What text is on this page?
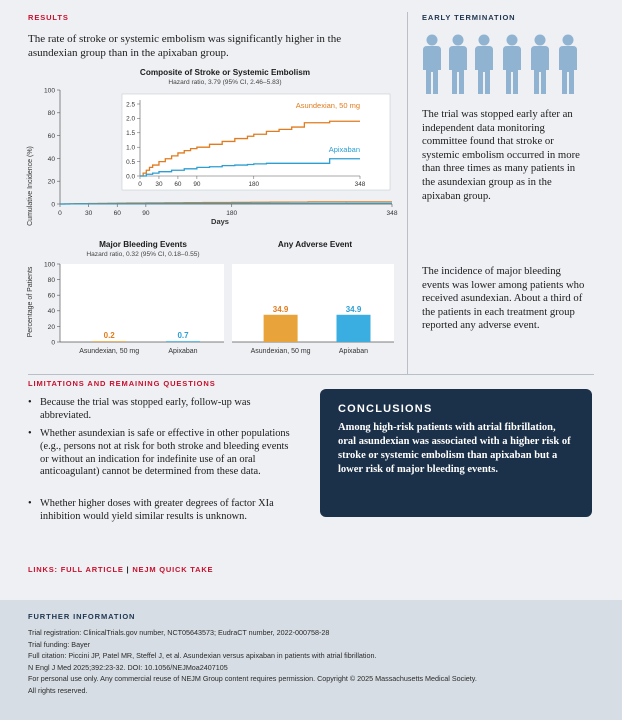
RESULTS
The rate of stroke or systemic embolism was significantly higher in the asundexian group than in the apixaban group.
Composite of Stroke or Systemic Embolism
Hazard ratio, 3.79 (95% CI, 2.46–5.83)
0
20
40
60
80
100
0	30	60	90	180	348
Cumulative Incidence (%)	Days
0.0
0.5
1.0
1.5
2.0
2.5
0 30 60 90	180	348
Asundexian, 50 mg
Apixaban
Major Bleeding Events
Hazard ratio, 0.32 (95% CI, 0.18–0.55)
Any Adverse Event
0
20
40
60
80
100
0.2
Asundexian, 50 mg
0.7
Apixaban
34.9
Asundexian, 50 mg
34.9
Apixaban
Percentage of Patients
EARLY TERMINATION
The trial was stopped early after an independent data monitoring committee found that stroke or systemic embolism occurred in more than three times as many patients in the asundexian group as in the apixaban group.
The incidence of major bleeding events was lower among patients who received asundexian. About a third of the patients in each treatment group reported any adverse event.
LIMITATIONS AND REMAINING QUESTIONS
• Because the trial was stopped early, follow-up was abbreviated.
• Whether asundexian is safe or effective in other populations (e.g., persons not at risk for both stroke and bleeding events or without an indication for indefinite use of an oral anticoagulant) cannot be determined from these data.
• Whether higher doses with greater degrees of factor XIa inhibition would yield similar results is unknown.
CONCLUSIONS
Among high-risk patients with atrial fibrillation, oral asundexian was associated with a higher risk of stroke or systemic embolism than apixaban but a lower risk of major bleeding events.
LINKS: FULL ARTICLE | NEJM QUICK TAKE
FURTHER INFORMATION
Trial registration: ClinicalTrials.gov number, NCT05643573; EudraCT number, 2022-000758-28
Trial funding: Bayer
Full citation: Piccini JP, Patel MR, Steffel J, et al. Asundexian versus apixaban in patients with atrial fibrillation.
N Engl J Med 2025;392:23-32. DOI: 10.1056/NEJMoa2407105
For personal use only. Any commercial reuse of NEJM Group content requires permission. Copyright © 2025 Massachusetts Medical Society.
All rights reserved.
